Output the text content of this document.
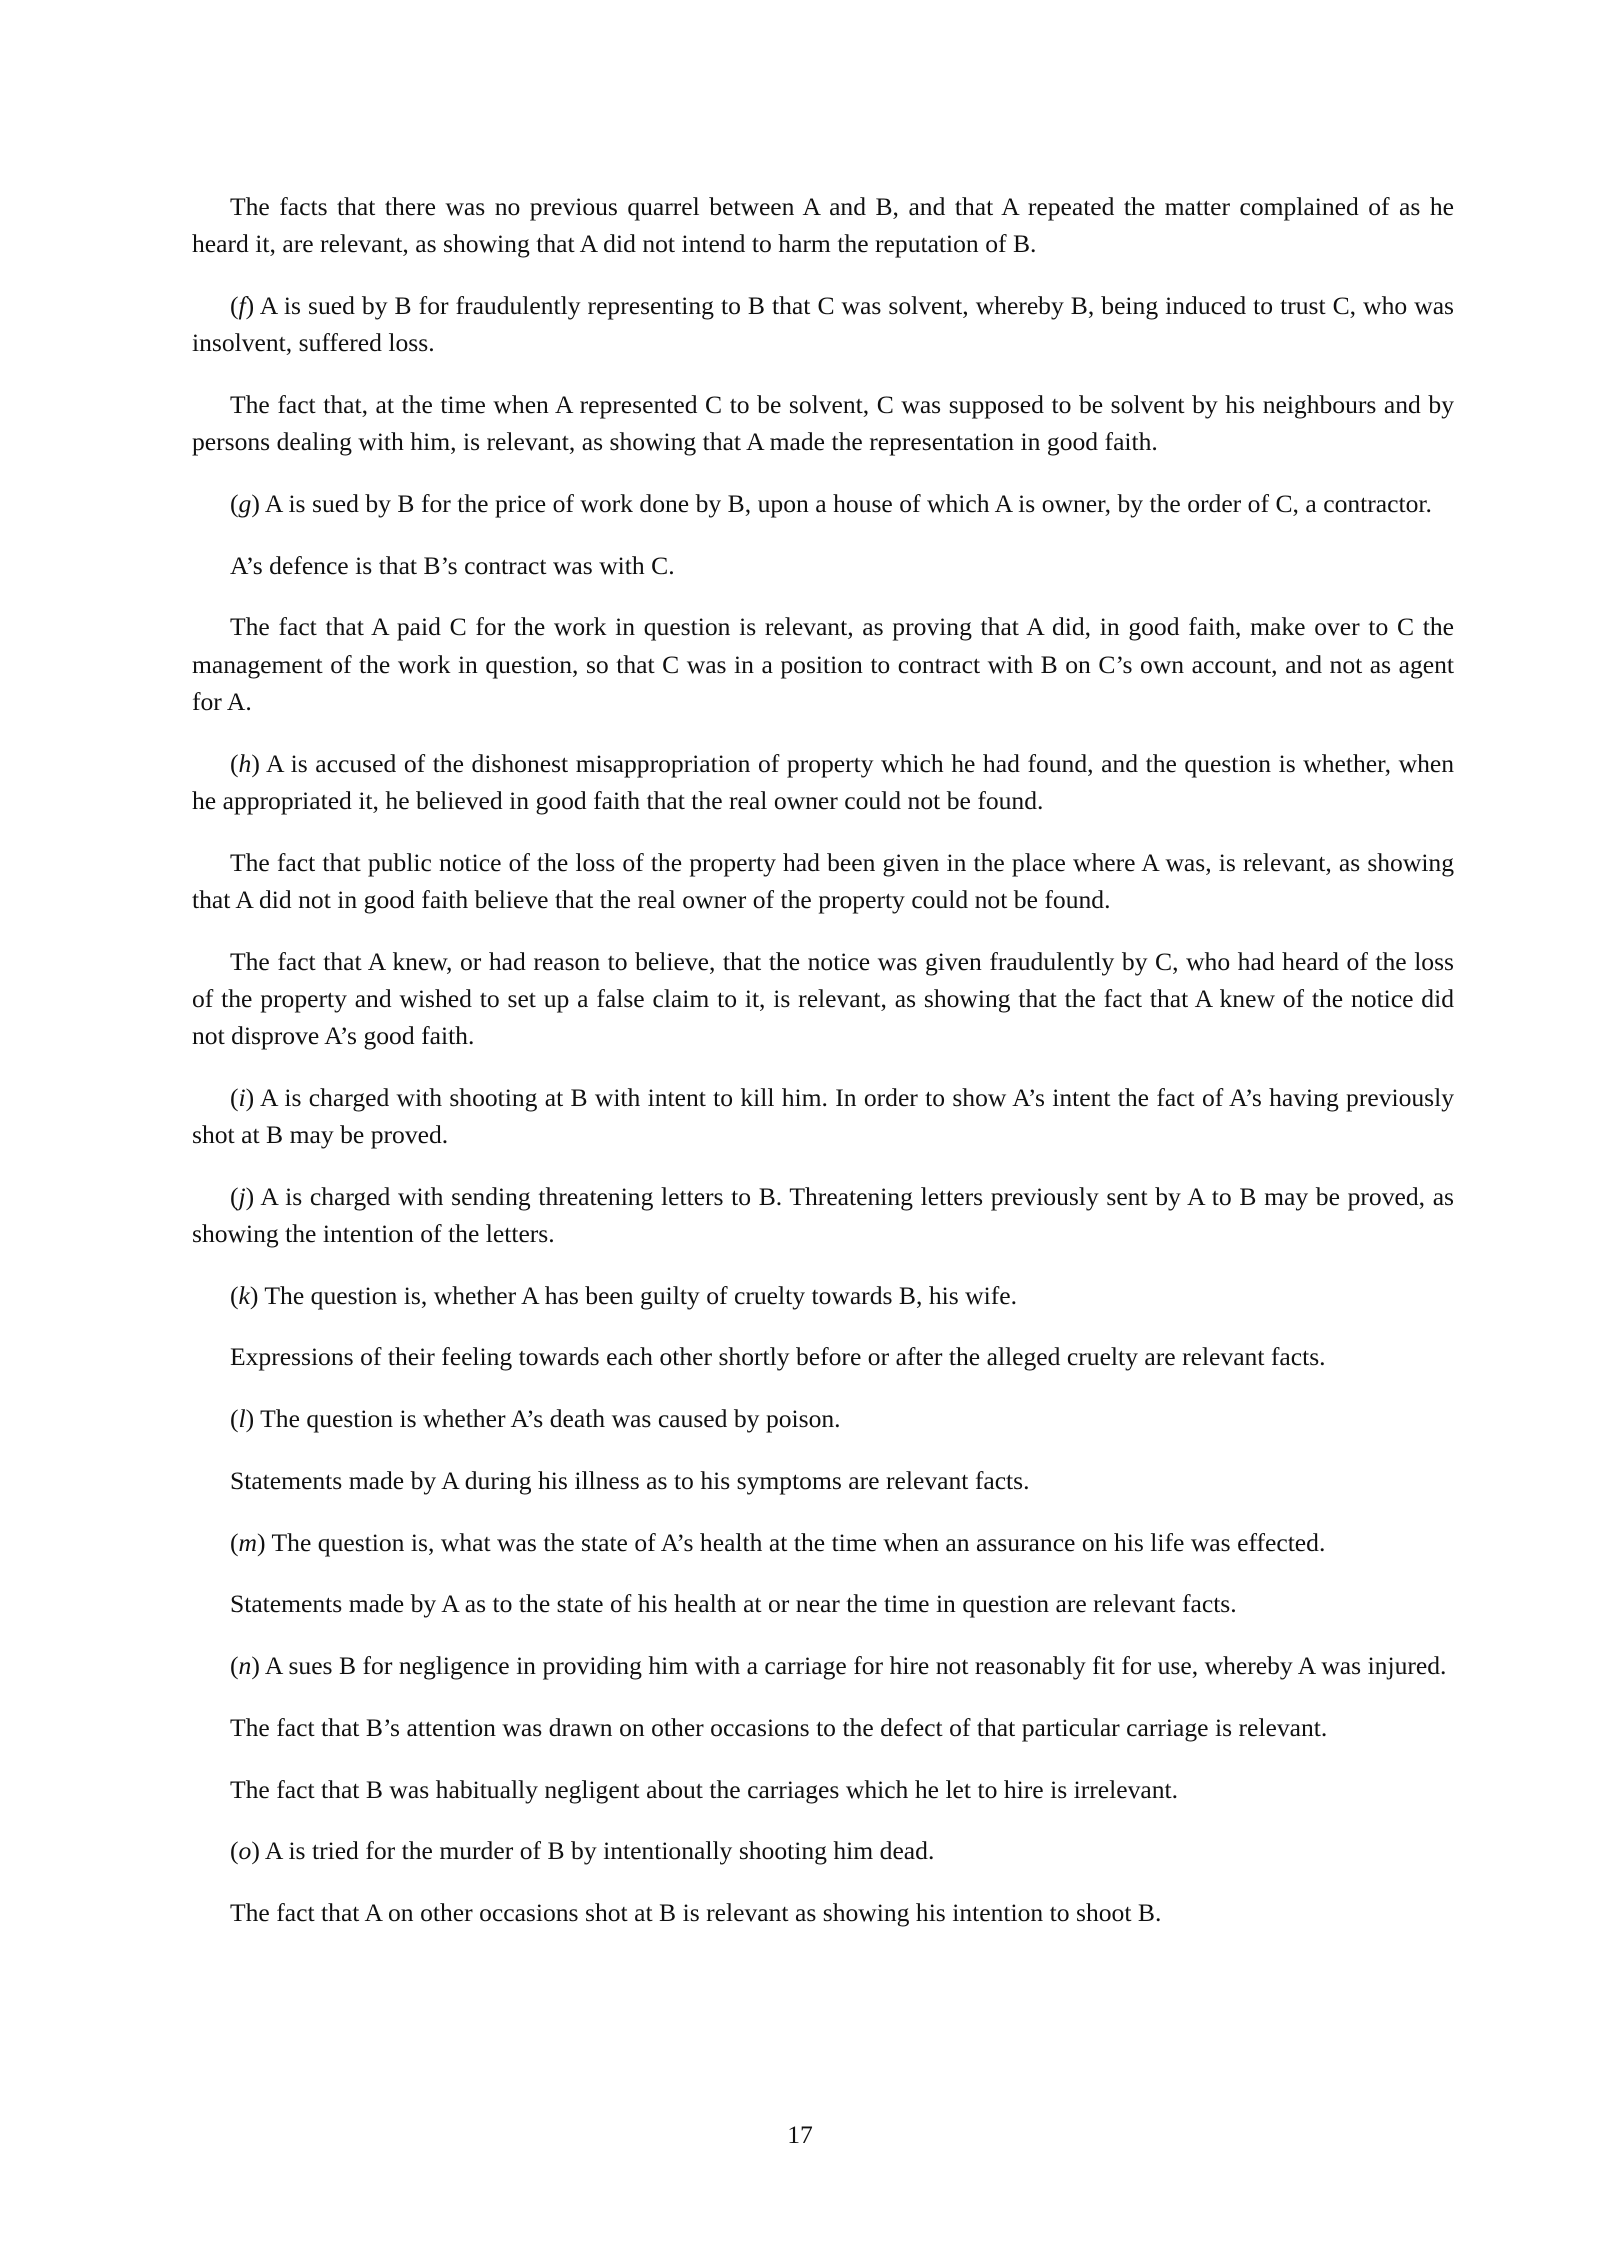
The facts that there was no previous quarrel between A and B, and that A repeated the matter complained of as he heard it, are relevant, as showing that A did not intend to harm the reputation of B.

(f) A is sued by B for fraudulently representing to B that C was solvent, whereby B, being induced to trust C, who was insolvent, suffered loss.

The fact that, at the time when A represented C to be solvent, C was supposed to be solvent by his neighbours and by persons dealing with him, is relevant, as showing that A made the representation in good faith.

(g) A is sued by B for the price of work done by B, upon a house of which A is owner, by the order of C, a contractor.

A’s defence is that B’s contract was with C.

The fact that A paid C for the work in question is relevant, as proving that A did, in good faith, make over to C the management of the work in question, so that C was in a position to contract with B on C’s own account, and not as agent for A.

(h) A is accused of the dishonest misappropriation of property which he had found, and the question is whether, when he appropriated it, he believed in good faith that the real owner could not be found.

The fact that public notice of the loss of the property had been given in the place where A was, is relevant, as showing that A did not in good faith believe that the real owner of the property could not be found.

The fact that A knew, or had reason to believe, that the notice was given fraudulently by C, who had heard of the loss of the property and wished to set up a false claim to it, is relevant, as showing that the fact that A knew of the notice did not disprove A’s good faith.

(i) A is charged with shooting at B with intent to kill him. In order to show A’s intent the fact of A’s having previously shot at B may be proved.

(j) A is charged with sending threatening letters to B. Threatening letters previously sent by A to B may be proved, as showing the intention of the letters.

(k) The question is, whether A has been guilty of cruelty towards B, his wife.

Expressions of their feeling towards each other shortly before or after the alleged cruelty are relevant facts.

(l) The question is whether A’s death was caused by poison.

Statements made by A during his illness as to his symptoms are relevant facts.

(m) The question is, what was the state of A’s health at the time when an assurance on his life was effected.

Statements made by A as to the state of his health at or near the time in question are relevant facts.

(n) A sues B for negligence in providing him with a carriage for hire not reasonably fit for use, whereby A was injured.

The fact that B’s attention was drawn on other occasions to the defect of that particular carriage is relevant.

The fact that B was habitually negligent about the carriages which he let to hire is irrelevant.

(o) A is tried for the murder of B by intentionally shooting him dead.

The fact that A on other occasions shot at B is relevant as showing his intention to shoot B.

17
